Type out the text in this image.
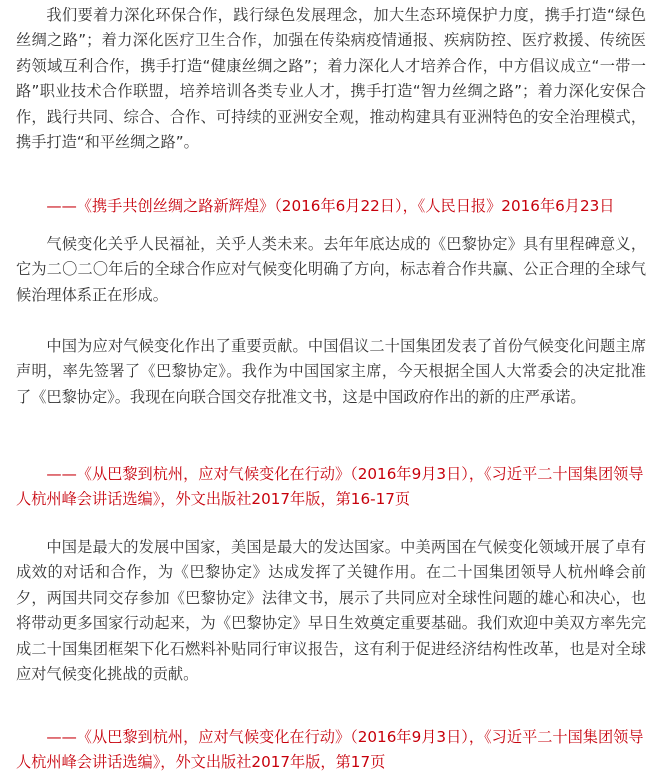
我们要着力深化环保合作，践行绿色发展理念，加大生态环境保护力度，携手打造“绿色丝绸之路”；着力深化医疗卫生合作，加强在传染病疫情通报、疾病防控、医疗救援、传统医药领域互利合作，携手打造“健康丝绸之路”；着力深化人才培养合作，中方倡议成立“一带一路”职业技术合作联盟，培养培训各类专业人才，携手打造“智力丝绸之路”；着力深化安保合作，践行共同、综合、合作、可持续的亚洲安全观，推动构建具有亚洲特色的安全治理模式，携手打造“和平丝绸之路”。

——《携手共创丝绸之路新辉煌》（2016年6月22日），《人民日报》2016年6月23日

气候变化关乎人民福祉，关乎人类未来。去年年底达成的《巴黎协定》具有里程碑意义，它为二〇二〇年后的全球合作应对气候变化明确了方向，标志着合作共赢、公正合理的全球气候治理体系正在形成。

中国为应对气候变化作出了重要贡献。中国倡议二十国集团发表了首份气候变化问题主席声明，率先签署了《巴黎协定》。我作为中国国家主席，今天根据全国人大常委会的决定批准了《巴黎协定》。我现在向联合国交存批准文书，这是中国政府作出的新的庄严承诺。

——《从巴黎到杭州，应对气候变化在行动》（2016年9月3日），《习近平二十国集团领导人杭州峰会讲话选编》，外文出版社2017年版，第16-17页

中国是最大的发展中国家，美国是最大的发达国家。中美两国在气候变化领域开展了卓有成效的对话和合作，为《巴黎协定》达成发挥了关键作用。在二十国集团领导人杭州峰会前夕，两国共同交存参加《巴黎协定》法律文书，展示了共同应对全球性问题的雄心和决心，也将带动更多国家行动起来，为《巴黎协定》早日生效奠定重要基础。我们欢迎中美双方率先完成二十国集团框架下化石燃料补贴同行审议报告，这有利于促进经济结构性改革，也是对全球应对气候变化挑战的贡献。

——《从巴黎到杭州，应对气候变化在行动》（2016年9月3日），《习近平二十国集团领导人杭州峰会讲话选编》，外文出版社2017年版，第17页
